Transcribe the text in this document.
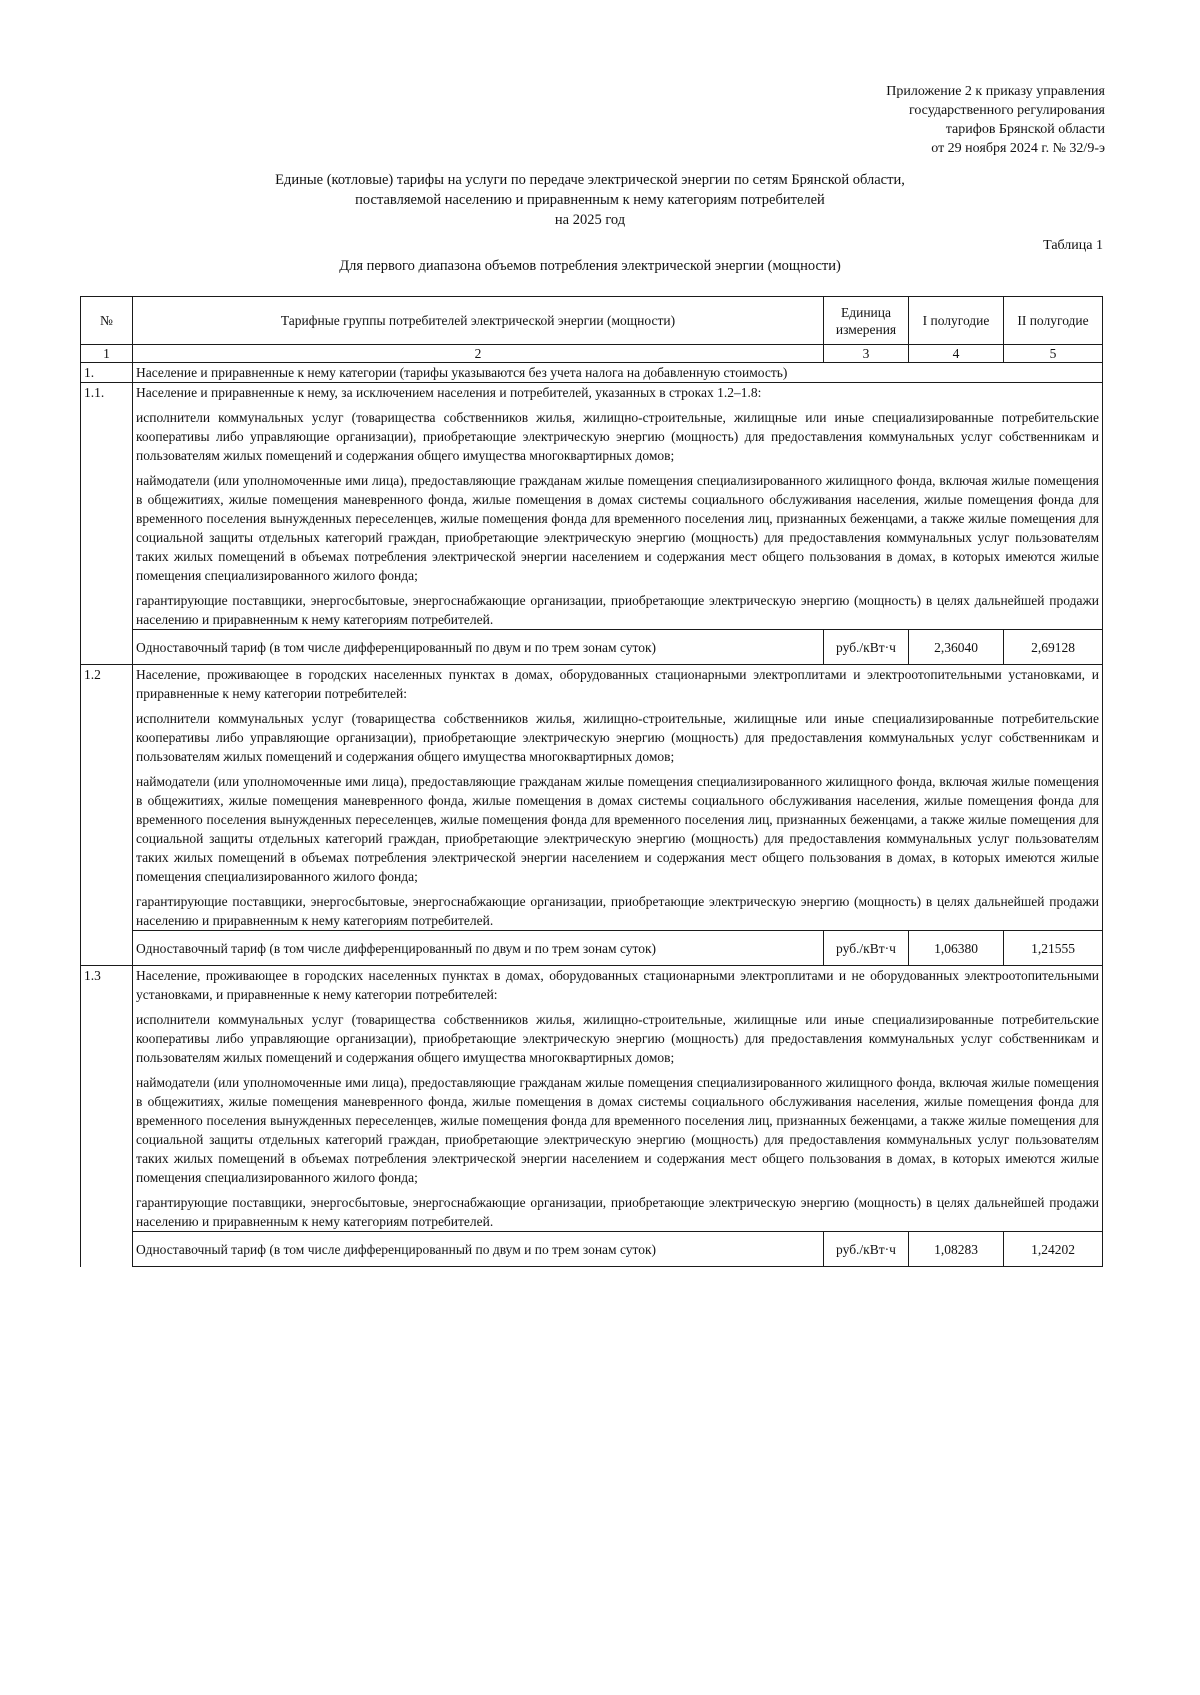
Приложение 2 к приказу управления
государственного регулирования
тарифов Брянской области
от 29 ноября 2024 г. № 32/9-э
Единые (котловые) тарифы на услуги по передаче электрической энергии по сетям Брянской области,
поставляемой населению и приравненным к нему категориям потребителей
на 2025 год
Таблица 1
Для первого диапазона объемов потребления электрической энергии (мощности)
№	Тарифные группы потребителей электрической энергии (мощности)	Единица измерения	I полугодие	II полугодие
1	2	3	4	5
1.	Население и приравненные к нему категории (тарифы указываются без учета налога на добавленную стоимость)			
1.1.	Население и приравненные к нему, за исключением населения и потребителей, указанных в строках 1.2–1.8:

исполнители коммунальных услуг (товарищества собственников жилья, жилищно-строительные, жилищные или иные специализированные потребительские кооперативы либо управляющие организации), приобретающие электрическую энергию (мощность) для предоставления коммунальных услуг собственникам и пользователям жилых помещений и содержания общего имущества многоквартирных домов;

наймодатели (или уполномоченные ими лица), предоставляющие гражданам жилые помещения специализированного жилищного фонда, включая жилые помещения в общежитиях, жилые помещения маневренного фонда, жилые помещения в домах системы социального обслуживания населения, жилые помещения фонда для временного поселения вынужденных переселенцев, жилые помещения фонда для временного поселения лиц, признанных беженцами, а также жилые помещения для социальной защиты отдельных категорий граждан, приобретающие электрическую энергию (мощность) для предоставления коммунальных услуг пользователям таких жилых помещений в объемах потребления электрической энергии населением и содержания мест общего пользования в домах, в которых имеются жилые помещения специализированного жилого фонда;

гарантирующие поставщики, энергосбытовые, энергоснабжающие организации, приобретающие электрическую энергию (мощность) в целях дальнейшей продажи населению и приравненным к нему категориям потребителей.			

	Одноставочный тариф (в том числе дифференцированный по двум и по трем зонам суток)	руб./кВт·ч	2,36040	2,69128
1.2	Население, проживающее в городских населенных пунктах в домах, оборудованных стационарными электроплитами и электроотопительными установками, и приравненные к нему категории потребителей:

исполнители коммунальных услуг (товарищества собственников жилья, жилищно-строительные, жилищные или иные специализированные потребительские кооперативы либо управляющие организации), приобретающие электрическую энергию (мощность) для предоставления коммунальных услуг собственникам и пользователям жилых помещений и содержания общего имущества многоквартирных домов;

наймодатели (или уполномоченные ими лица), предоставляющие гражданам жилые помещения специализированного жилищного фонда, включая жилые помещения в общежитиях, жилые помещения маневренного фонда, жилые помещения в домах системы социального обслуживания населения, жилые помещения фонда для временного поселения вынужденных переселенцев, жилые помещения фонда для временного поселения лиц, признанных беженцами, а также жилые помещения для социальной защиты отдельных категорий граждан, приобретающие электрическую энергию (мощность) для предоставления коммунальных услуг пользователям таких жилых помещений в объемах потребления электрической энергии населением и содержания мест общего пользования в домах, в которых имеются жилые помещения специализированного жилого фонда;

гарантирующие поставщики, энергосбытовые, энергоснабжающие организации, приобретающие электрическую энергию (мощность) в целях дальнейшей продажи населению и приравненным к нему категориям потребителей.			

	Одноставочный тариф (в том числе дифференцированный по двум и по трем зонам суток)	руб./кВт·ч	1,06380	1,21555
1.3	Население, проживающее в городских населенных пунктах в домах, оборудованных стационарными электроплитами и не оборудованных электроотопительными установками, и приравненные к нему категории потребителей:

исполнители коммунальных услуг (товарищества собственников жилья, жилищно-строительные, жилищные или иные специализированные потребительские кооперативы либо управляющие организации), приобретающие электрическую энергию (мощность) для предоставления коммунальных услуг собственникам и пользователям жилых помещений и содержания общего имущества многоквартирных домов;

наймодатели (или уполномоченные ими лица), предоставляющие гражданам жилые помещения специализированного жилищного фонда, включая жилые помещения в общежитиях, жилые помещения маневренного фонда, жилые помещения в домах системы социального обслуживания населения, жилые помещения фонда для временного поселения вынужденных переселенцев, жилые помещения фонда для временного поселения лиц, признанных беженцами, а также жилые помещения для социальной защиты отдельных категорий граждан, приобретающие электрическую энергию (мощность) для предоставления коммунальных услуг пользователям таких жилых помещений в объемах потребления электрической энергии населением и содержания мест общего пользования в домах, в которых имеются жилые помещения специализированного жилого фонда;

гарантирующие поставщики, энергосбытовые, энергоснабжающие организации, приобретающие электрическую энергию (мощность) в целях дальнейшей продажи населению и приравненным к нему категориям потребителей.			

	Одноставочный тариф (в том числе дифференцированный по двум и по трем зонам суток)	руб./кВт·ч	1,08283	1,24202
